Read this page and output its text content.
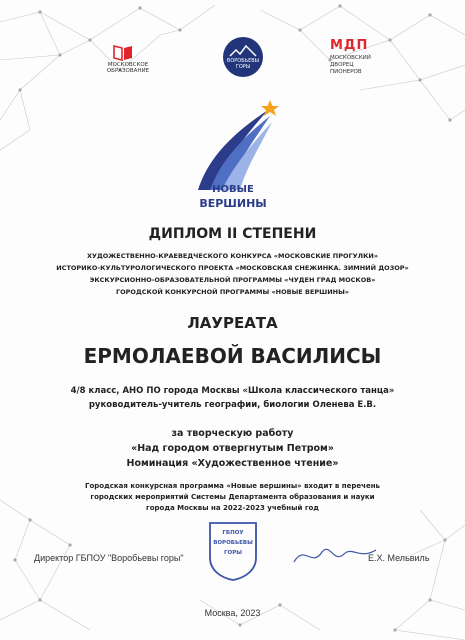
МОСКОВСКОЕ
ОБРАЗОВАНИЕ
ВОРОБЬЕВЫ
ГОРЫ
МДП
МОСКОВСКИЙ
ДВОРЕЦ
ПИОНЕРОВ
НОВЫЕ
ВЕРШИНЫ

ДИПЛОМ II СТЕПЕНИ

ХУДОЖЕСТВЕННО-КРАЕВЕДЧЕСКОГО КОНКУРСА «МОСКОВСКИЕ ПРОГУЛКИ»

ИСТОРИКО-КУЛЬТУРОЛОГИЧЕСКОГО ПРОЕКТА «МОСКОВСКАЯ СНЕЖИНКА. ЗИМНИЙ ДОЗОР»

ЭКСКУРСИОННО-ОБРАЗОВАТЕЛЬНОЙ ПРОГРАММЫ «ЧУДЕН ГРАД МОСКОВ»

ГОРОДСКОЙ КОНКУРСНОЙ ПРОГРАММЫ «НОВЫЕ ВЕРШИНЫ»

ЛАУРЕАТА

ЕРМОЛАЕВОЙ ВАСИЛИСЫ

4/8 класс, АНО ПО города Москвы «Школа классического танца»

руководитель-учитель географии, биологии Оленева Е.В.

за творческую работу

«Над городом отвергнутым Петром»

Номинация «Художественное чтение»

Городская конкурсная программа «Новые вершины» входит в перечень

городских мероприятий Системы Департамента образования и науки

города Москвы на 2022-2023 учебный год

Директор ГБПОУ "Воробьевы горы"	Е.Х. Мельвиль
ГБПОУ
ВОРОБЬЕВЫ
ГОРЫ

Москва, 2023
